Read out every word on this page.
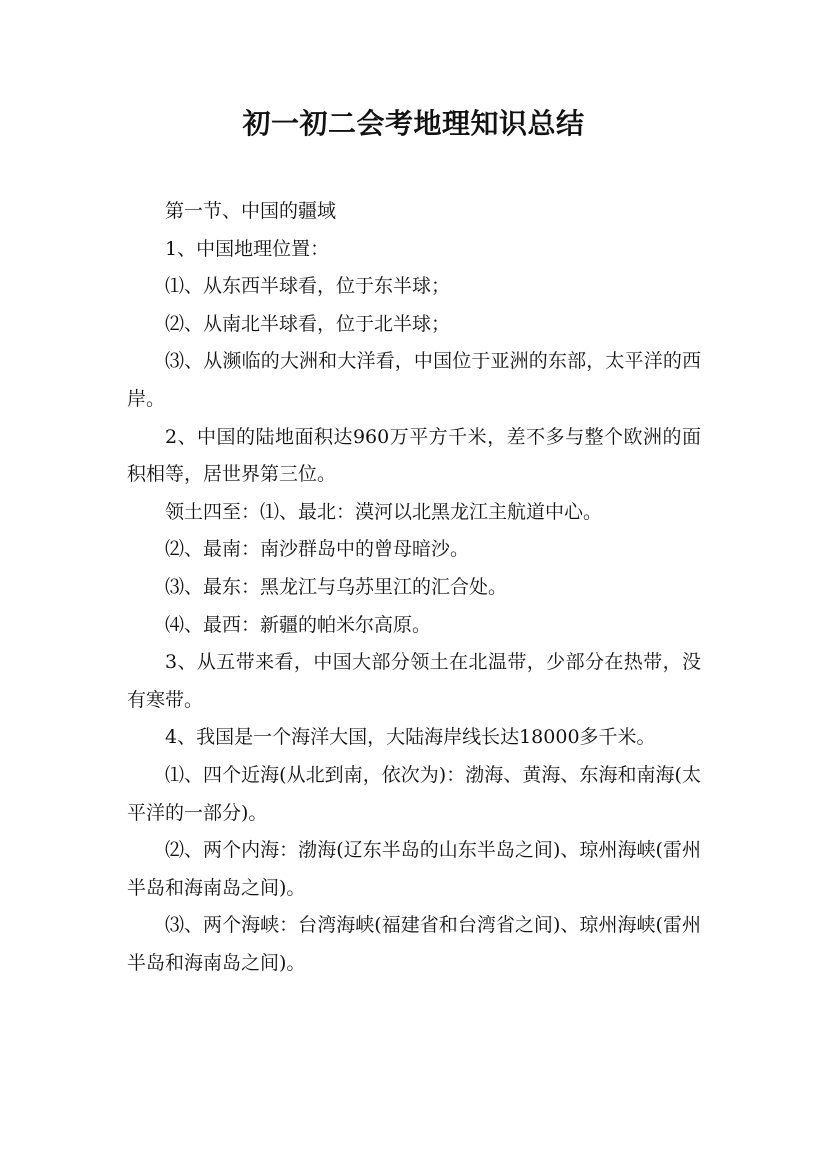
初一初二会考地理知识总结

第一节、中国的疆域

1、中国地理位置：

⑴、从东西半球看，位于东半球；

⑵、从南北半球看，位于北半球；

⑶、从濒临的大洲和大洋看，中国位于亚洲的东部，太平洋的西岸。

2、中国的陆地面积达960万平方千米，差不多与整个欧洲的面积相等，居世界第三位。

领土四至：⑴、最北：漠河以北黑龙江主航道中心。

⑵、最南：南沙群岛中的曾母暗沙。

⑶、最东：黑龙江与乌苏里江的汇合处。

⑷、最西：新疆的帕米尔高原。

3、从五带来看，中国大部分领土在北温带，少部分在热带，没有寒带。

4、我国是一个海洋大国，大陆海岸线长达18000多千米。

⑴、四个近海(从北到南，依次为)：渤海、黄海、东海和南海(太平洋的一部分)。

⑵、两个内海：渤海(辽东半岛的山东半岛之间)、琼州海峡(雷州半岛和海南岛之间)。

⑶、两个海峡：台湾海峡(福建省和台湾省之间)、琼州海峡(雷州半岛和海南岛之间)。
